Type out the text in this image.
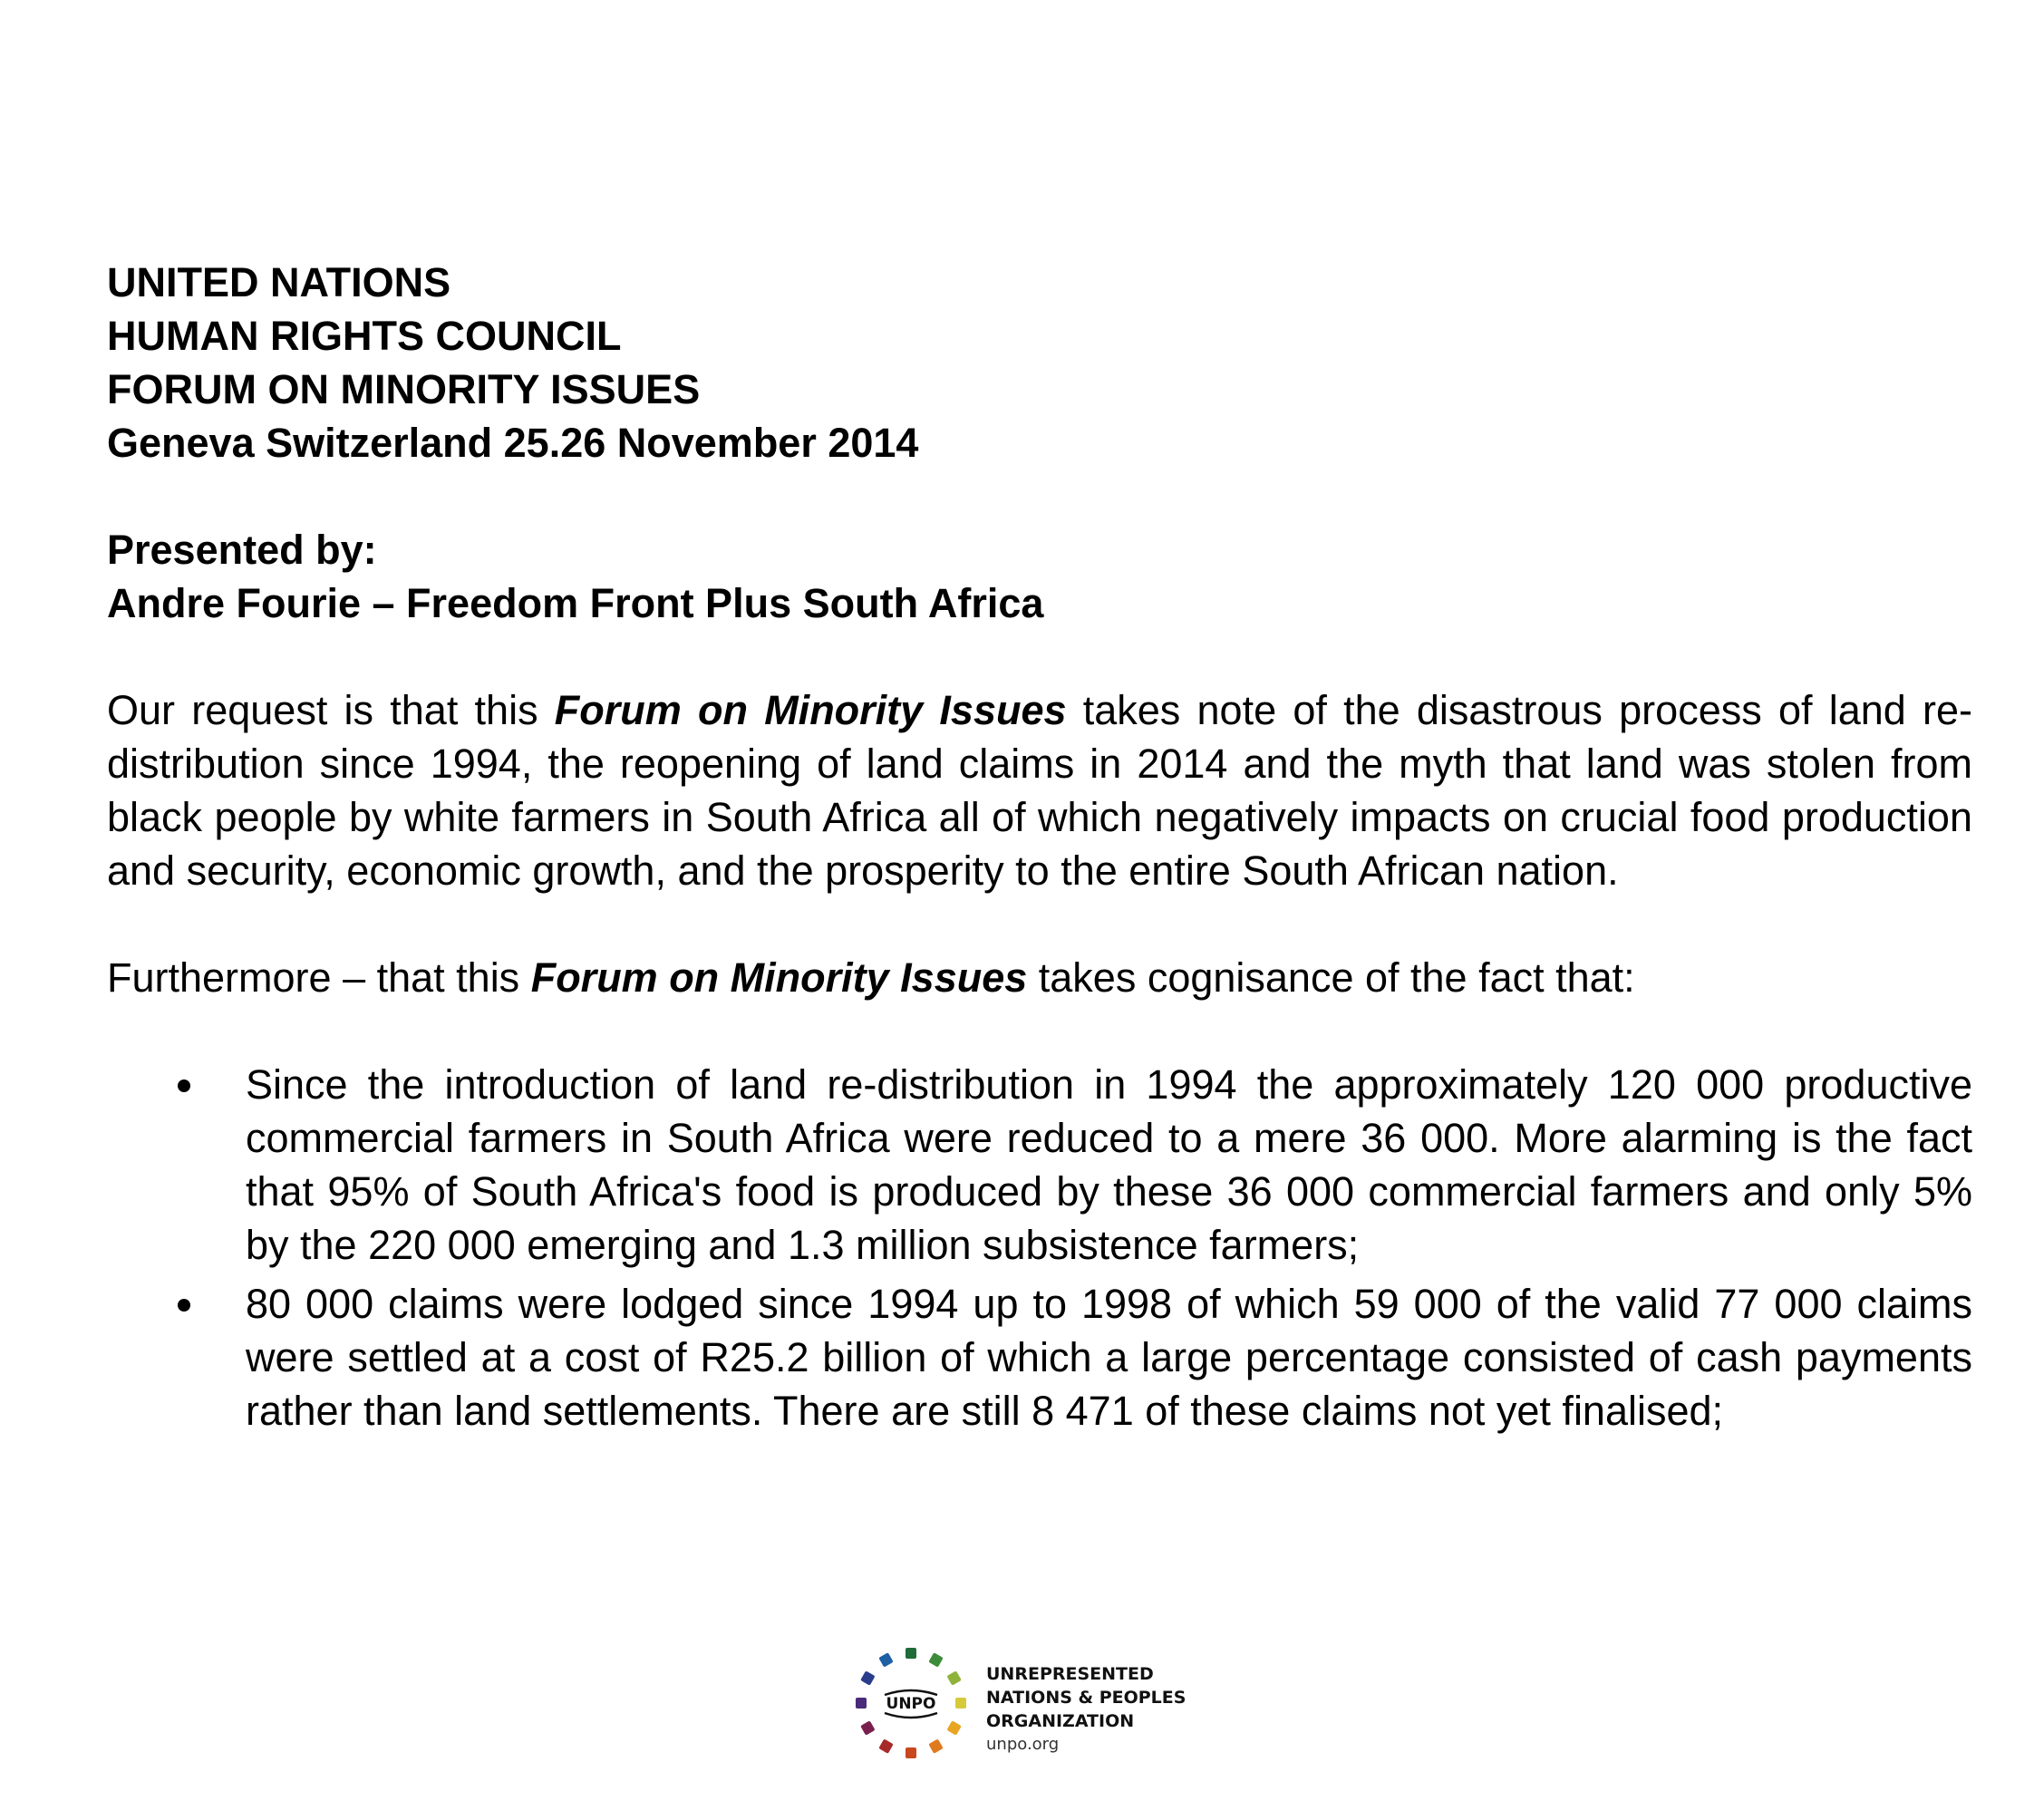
UNITED NATIONS

HUMAN RIGHTS COUNCIL

FORUM ON MINORITY ISSUES

Geneva Switzerland 25.26 November 2014

Presented by:

Andre Fourie – Freedom Front Plus South Africa

Our request is that this Forum on Minority Issues takes note of the disastrous process of land re-distribution since 1994, the reopening of land claims in 2014 and the myth that land was stolen from black people by white farmers in South Africa all of which negatively impacts on crucial food production and security, economic growth, and the prosperity to the entire South African nation.

Furthermore – that this Forum on Minority Issues takes cognisance of the fact that:

Since the introduction of land re-distribution in 1994 the approximately 120 000 productive commercial farmers in South Africa were reduced to a mere 36 000. More alarming is the fact that 95% of South Africa's food is produced by these 36 000 commercial farmers and only 5% by the 220 000 emerging and 1.3 million subsistence farmers;
80 000 claims were lodged since 1994 up to 1998 of which 59 000 of the valid 77 000 claims were settled at a cost of R25.2 billion of which a large percentage consisted of cash payments rather than land settlements. There are still 8 471 of these claims not yet finalised;
UNPO
UNREPRESENTED
NATIONS & PEOPLES
ORGANIZATION
unpo.org
